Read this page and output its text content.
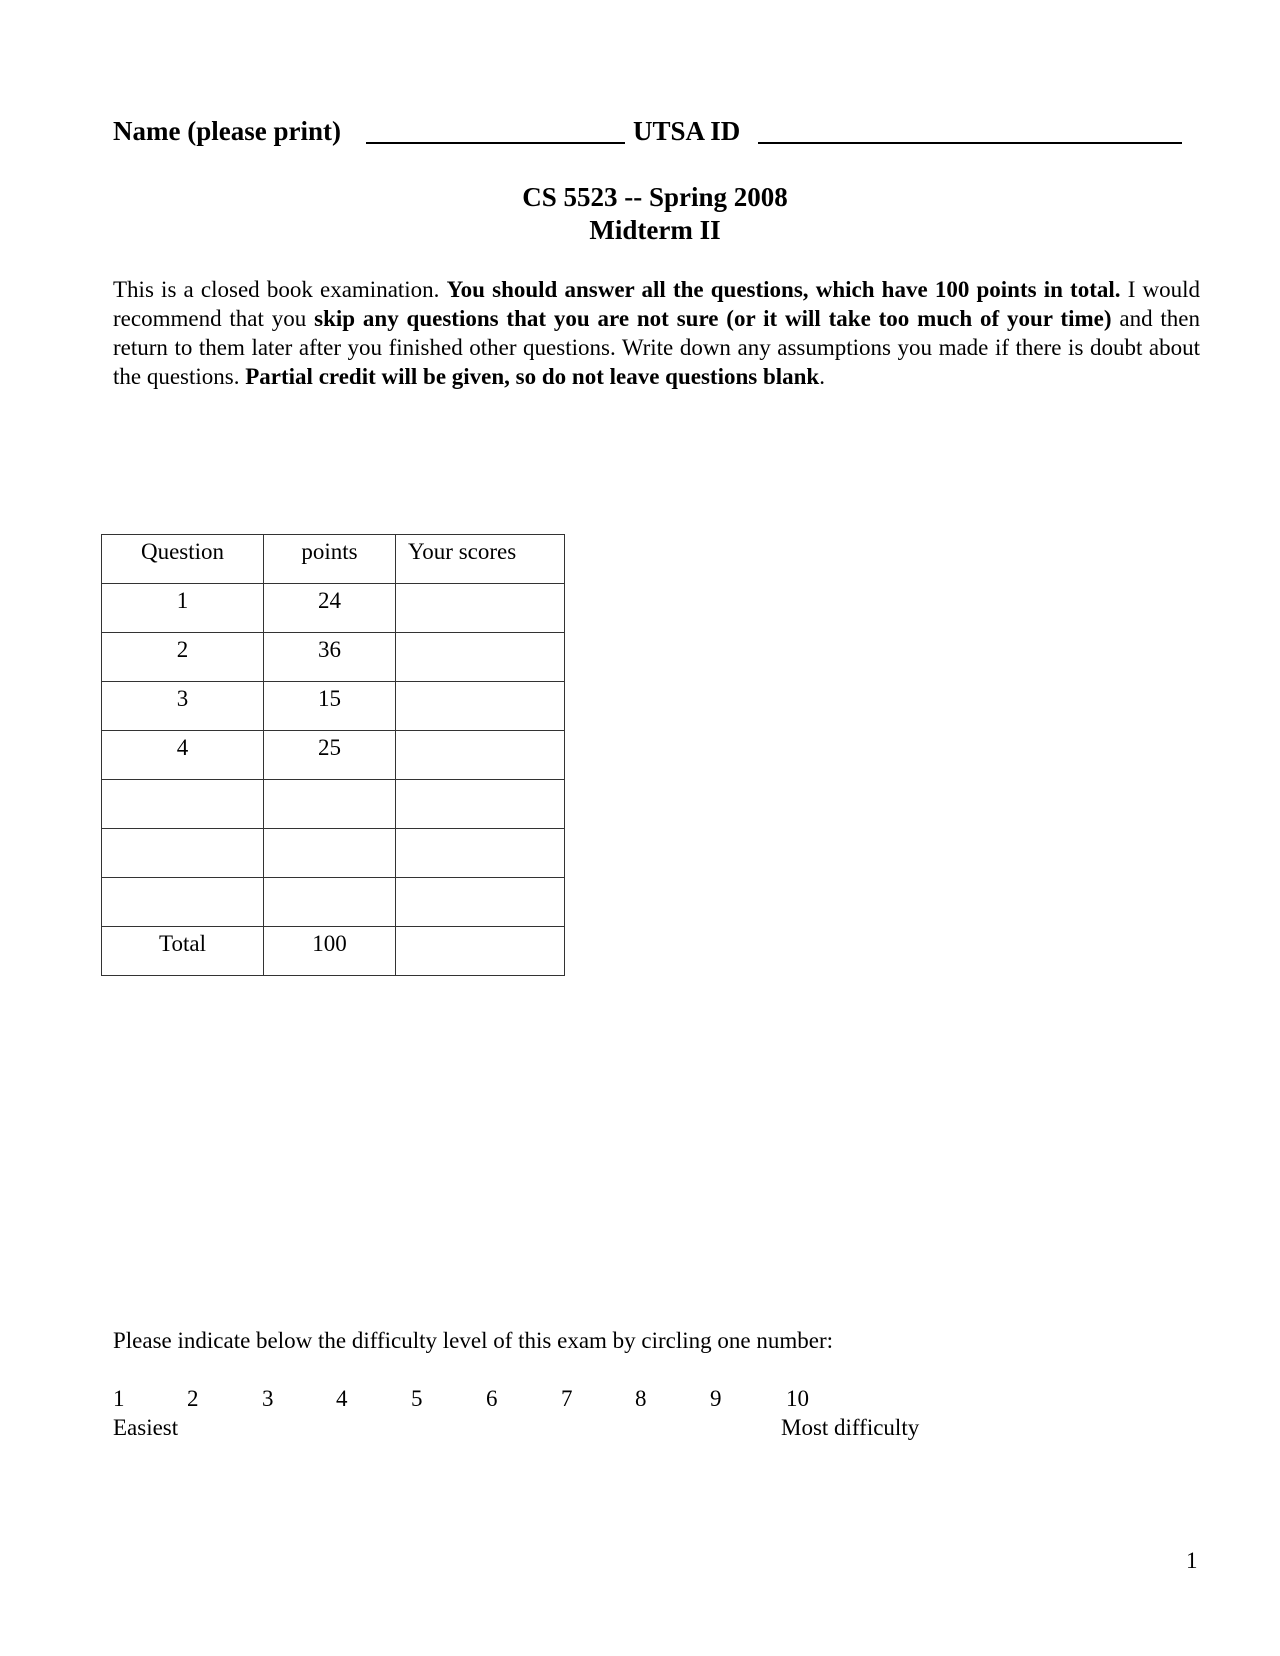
Name (please print)	UTSA ID
CS 5523 -- Spring 2008
Midterm II
This is a closed book examination. You should answer all the questions, which have 100 points in total. I would recommend that you skip any questions that you are not sure (or it will take too much of your time) and then return to them later after you finished other questions. Write down any assumptions you made if there is doubt about the questions. Partial credit will be given, so do not leave questions blank.
Question	points	Your scores
1	24	
2	36	
3	15	
4	25	

Total	100	
Please indicate below the difficulty level of this exam by circling one number:
1	2	3	4	5	6	7	8	9	10
Easiest	Most difficulty
1
